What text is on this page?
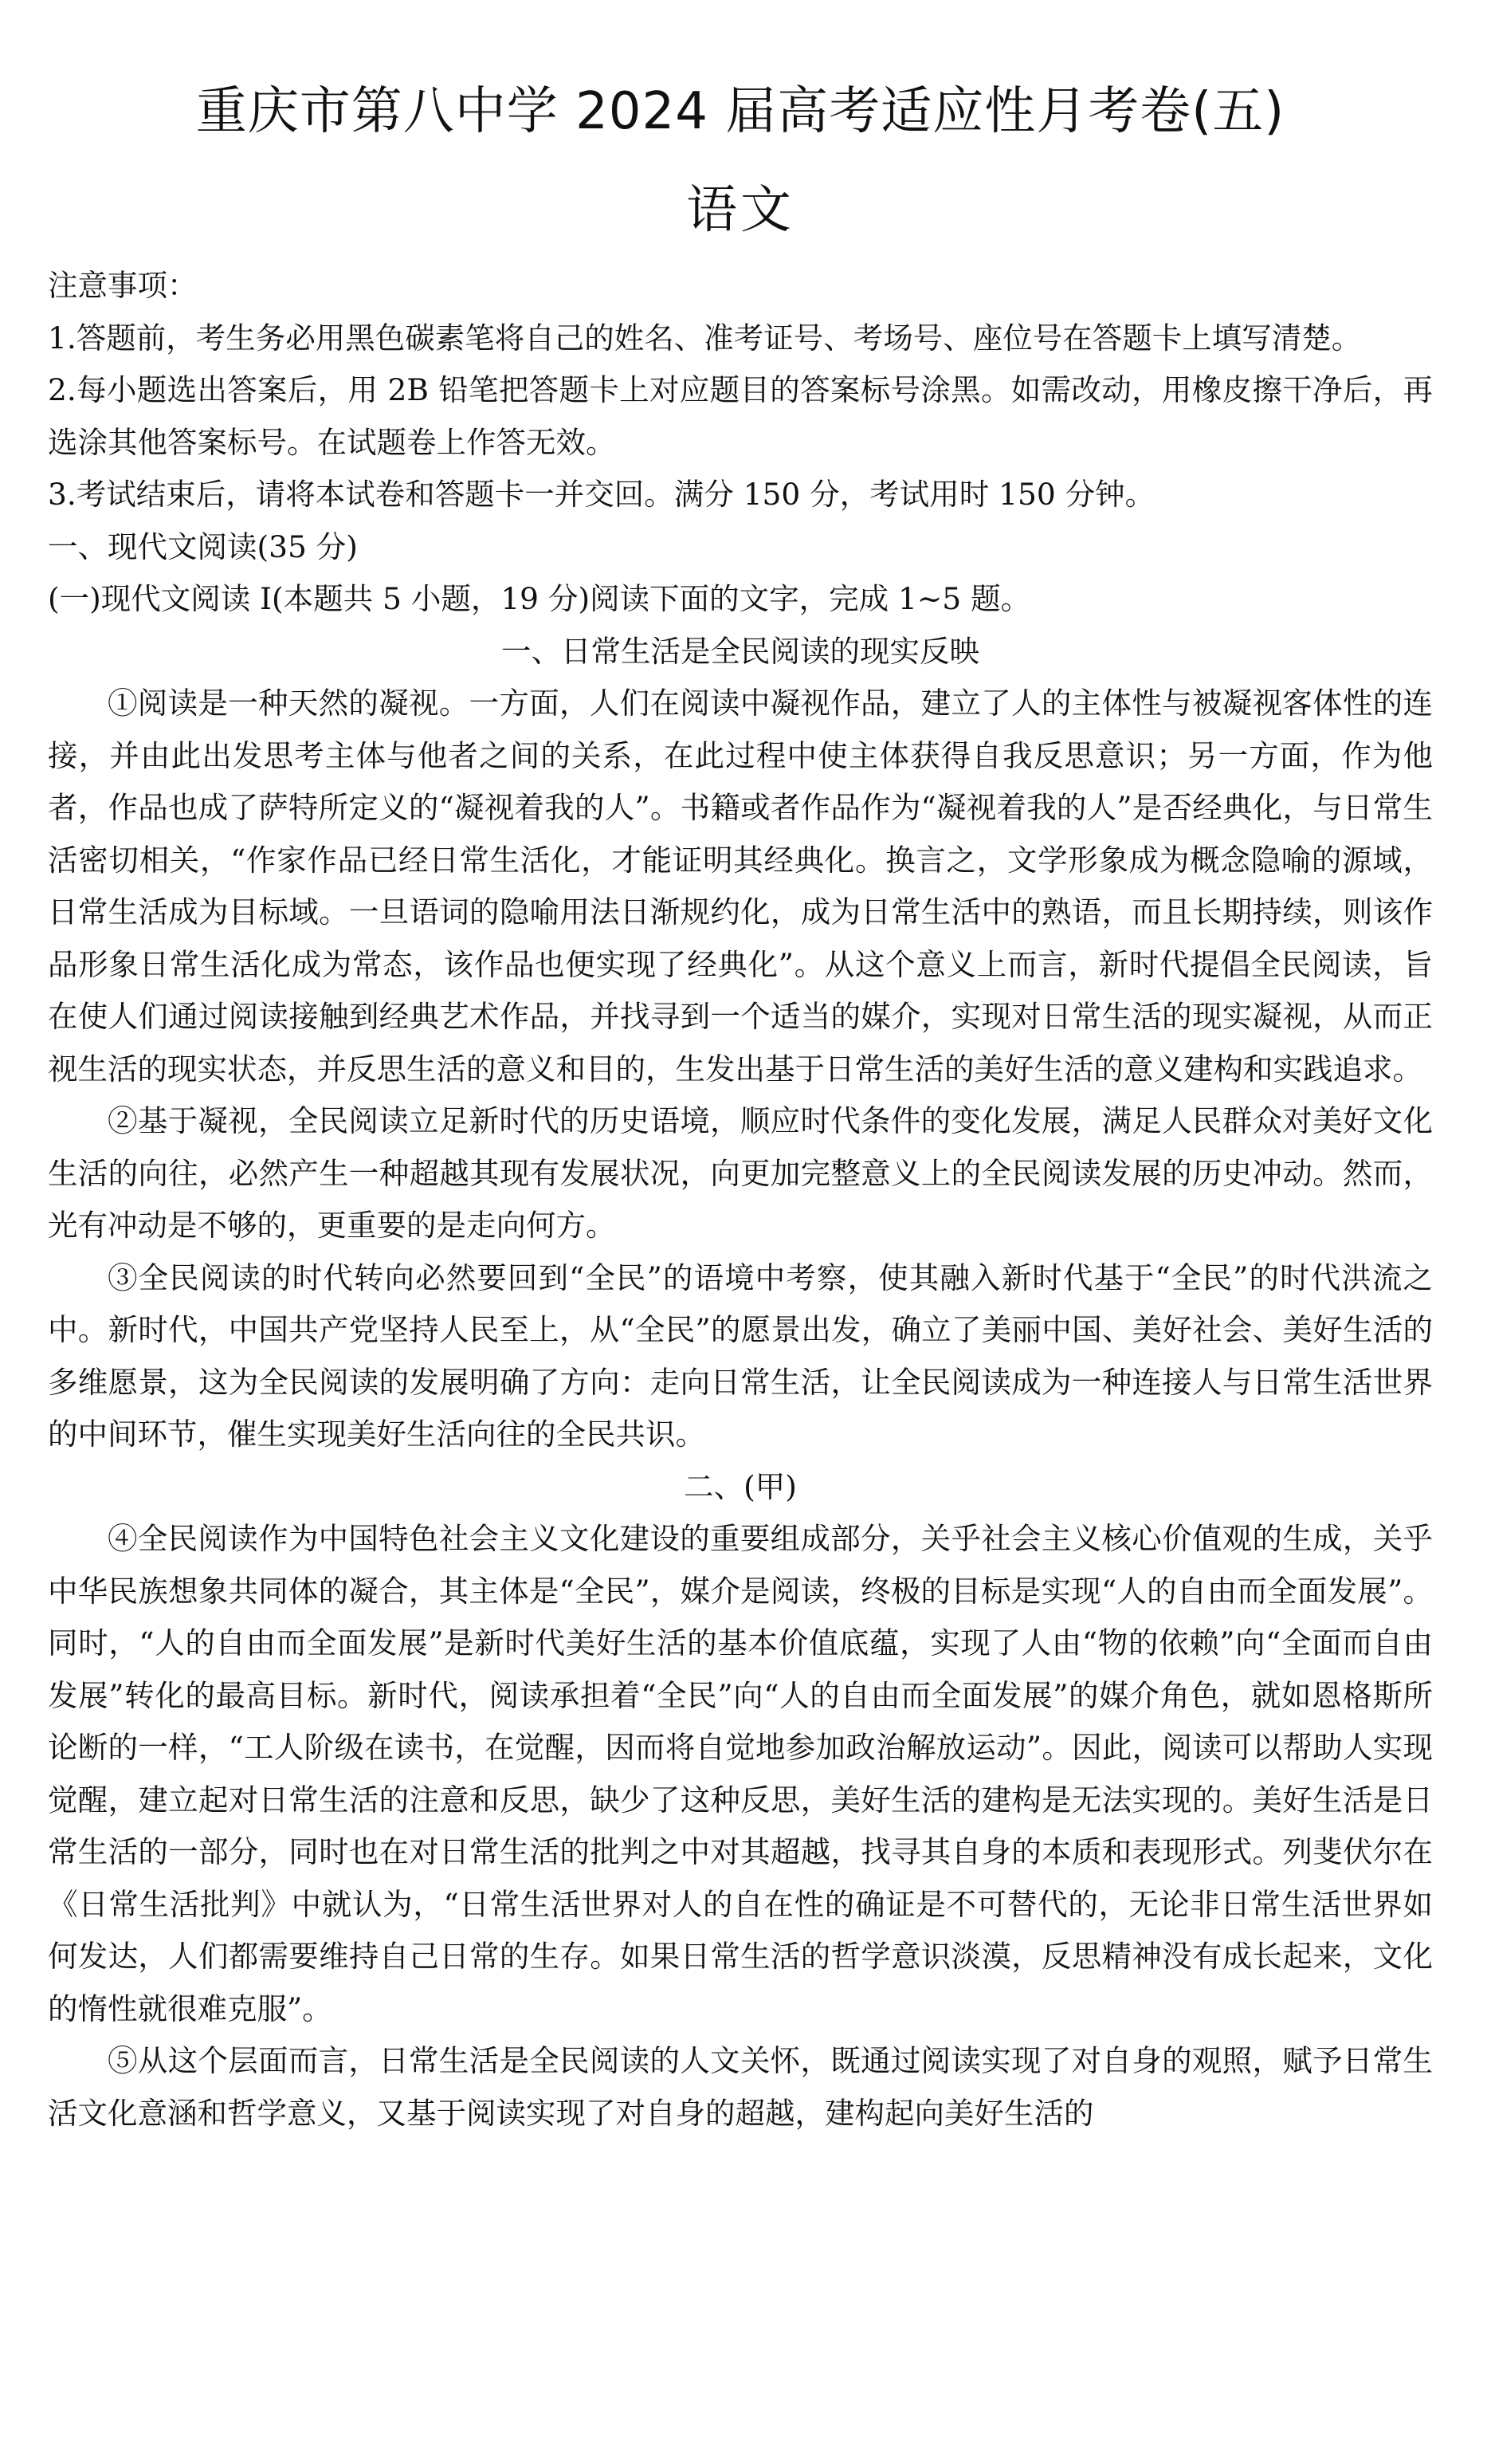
重庆市第八中学 2024 届高考适应性月考卷(五)
语文

注意事项：

1.答题前，考生务必用黑色碳素笔将自己的姓名、准考证号、考场号、座位号在答题卡上填写清楚。

2.每小题选出答案后，用 2B 铅笔把答题卡上对应题目的答案标号涂黑。如需改动，用橡皮擦干净后，再选涂其他答案标号。在试题卷上作答无效。

3.考试结束后，请将本试卷和答题卡一并交回。满分 150 分，考试用时 150 分钟。

一、现代文阅读(35 分)

(一)现代文阅读 I(本题共 5 小题，19 分)阅读下面的文字，完成 1~5 题。

一、日常生活是全民阅读的现实反映

①阅读是一种天然的凝视。一方面，人们在阅读中凝视作品，建立了人的主体性与被凝视客体性的连接，并由此出发思考主体与他者之间的关系，在此过程中使主体获得自我反思意识；另一方面，作为他者，作品也成了萨特所定义的“凝视着我的人”。书籍或者作品作为“凝视着我的人”是否经典化，与日常生活密切相关，“作家作品已经日常生活化，才能证明其经典化。换言之，文学形象成为概念隐喻的源域，日常生活成为目标域。一旦语词的隐喻用法日渐规约化，成为日常生活中的熟语，而且长期持续，则该作品形象日常生活化成为常态，该作品也便实现了经典化”。从这个意义上而言，新时代提倡全民阅读，旨在使人们通过阅读接触到经典艺术作品，并找寻到一个适当的媒介，实现对日常生活的现实凝视，从而正视生活的现实状态，并反思生活的意义和目的，生发出基于日常生活的美好生活的意义建构和实践追求。

②基于凝视，全民阅读立足新时代的历史语境，顺应时代条件的变化发展，满足人民群众对美好文化生活的向往，必然产生一种超越其现有发展状况，向更加完整意义上的全民阅读发展的历史冲动。然而，光有冲动是不够的，更重要的是走向何方。

③全民阅读的时代转向必然要回到“全民”的语境中考察，使其融入新时代基于“全民”的时代洪流之中。新时代，中国共产党坚持人民至上，从“全民”的愿景出发，确立了美丽中国、美好社会、美好生活的多维愿景，这为全民阅读的发展明确了方向：走向日常生活，让全民阅读成为一种连接人与日常生活世界的中间环节，催生实现美好生活向往的全民共识。

二、(甲)

④全民阅读作为中国特色社会主义文化建设的重要组成部分，关乎社会主义核心价值观的生成，关乎中华民族想象共同体的凝合，其主体是“全民”，媒介是阅读，终极的目标是实现“人的自由而全面发展”。同时，“人的自由而全面发展”是新时代美好生活的基本价值底蕴，实现了人由“物的依赖”向“全面而自由发展”转化的最高目标。新时代，阅读承担着“全民”向“人的自由而全面发展”的媒介角色，就如恩格斯所论断的一样，“工人阶级在读书，在觉醒，因而将自觉地参加政治解放运动”。因此，阅读可以帮助人实现觉醒，建立起对日常生活的注意和反思，缺少了这种反思，美好生活的建构是无法实现的。美好生活是日常生活的一部分，同时也在对日常生活的批判之中对其超越，找寻其自身的本质和表现形式。列斐伏尔在《日常生活批判》中就认为，“日常生活世界对人的自在性的确证是不可替代的，无论非日常生活世界如何发达，人们都需要维持自己日常的生存。如果日常生活的哲学意识淡漠，反思精神没有成长起来，文化的惰性就很难克服”。

⑤从这个层面而言，日常生活是全民阅读的人文关怀，既通过阅读实现了对自身的观照，赋予日常生活文化意涵和哲学意义，又基于阅读实现了对自身的超越，建构起向美好生活的
